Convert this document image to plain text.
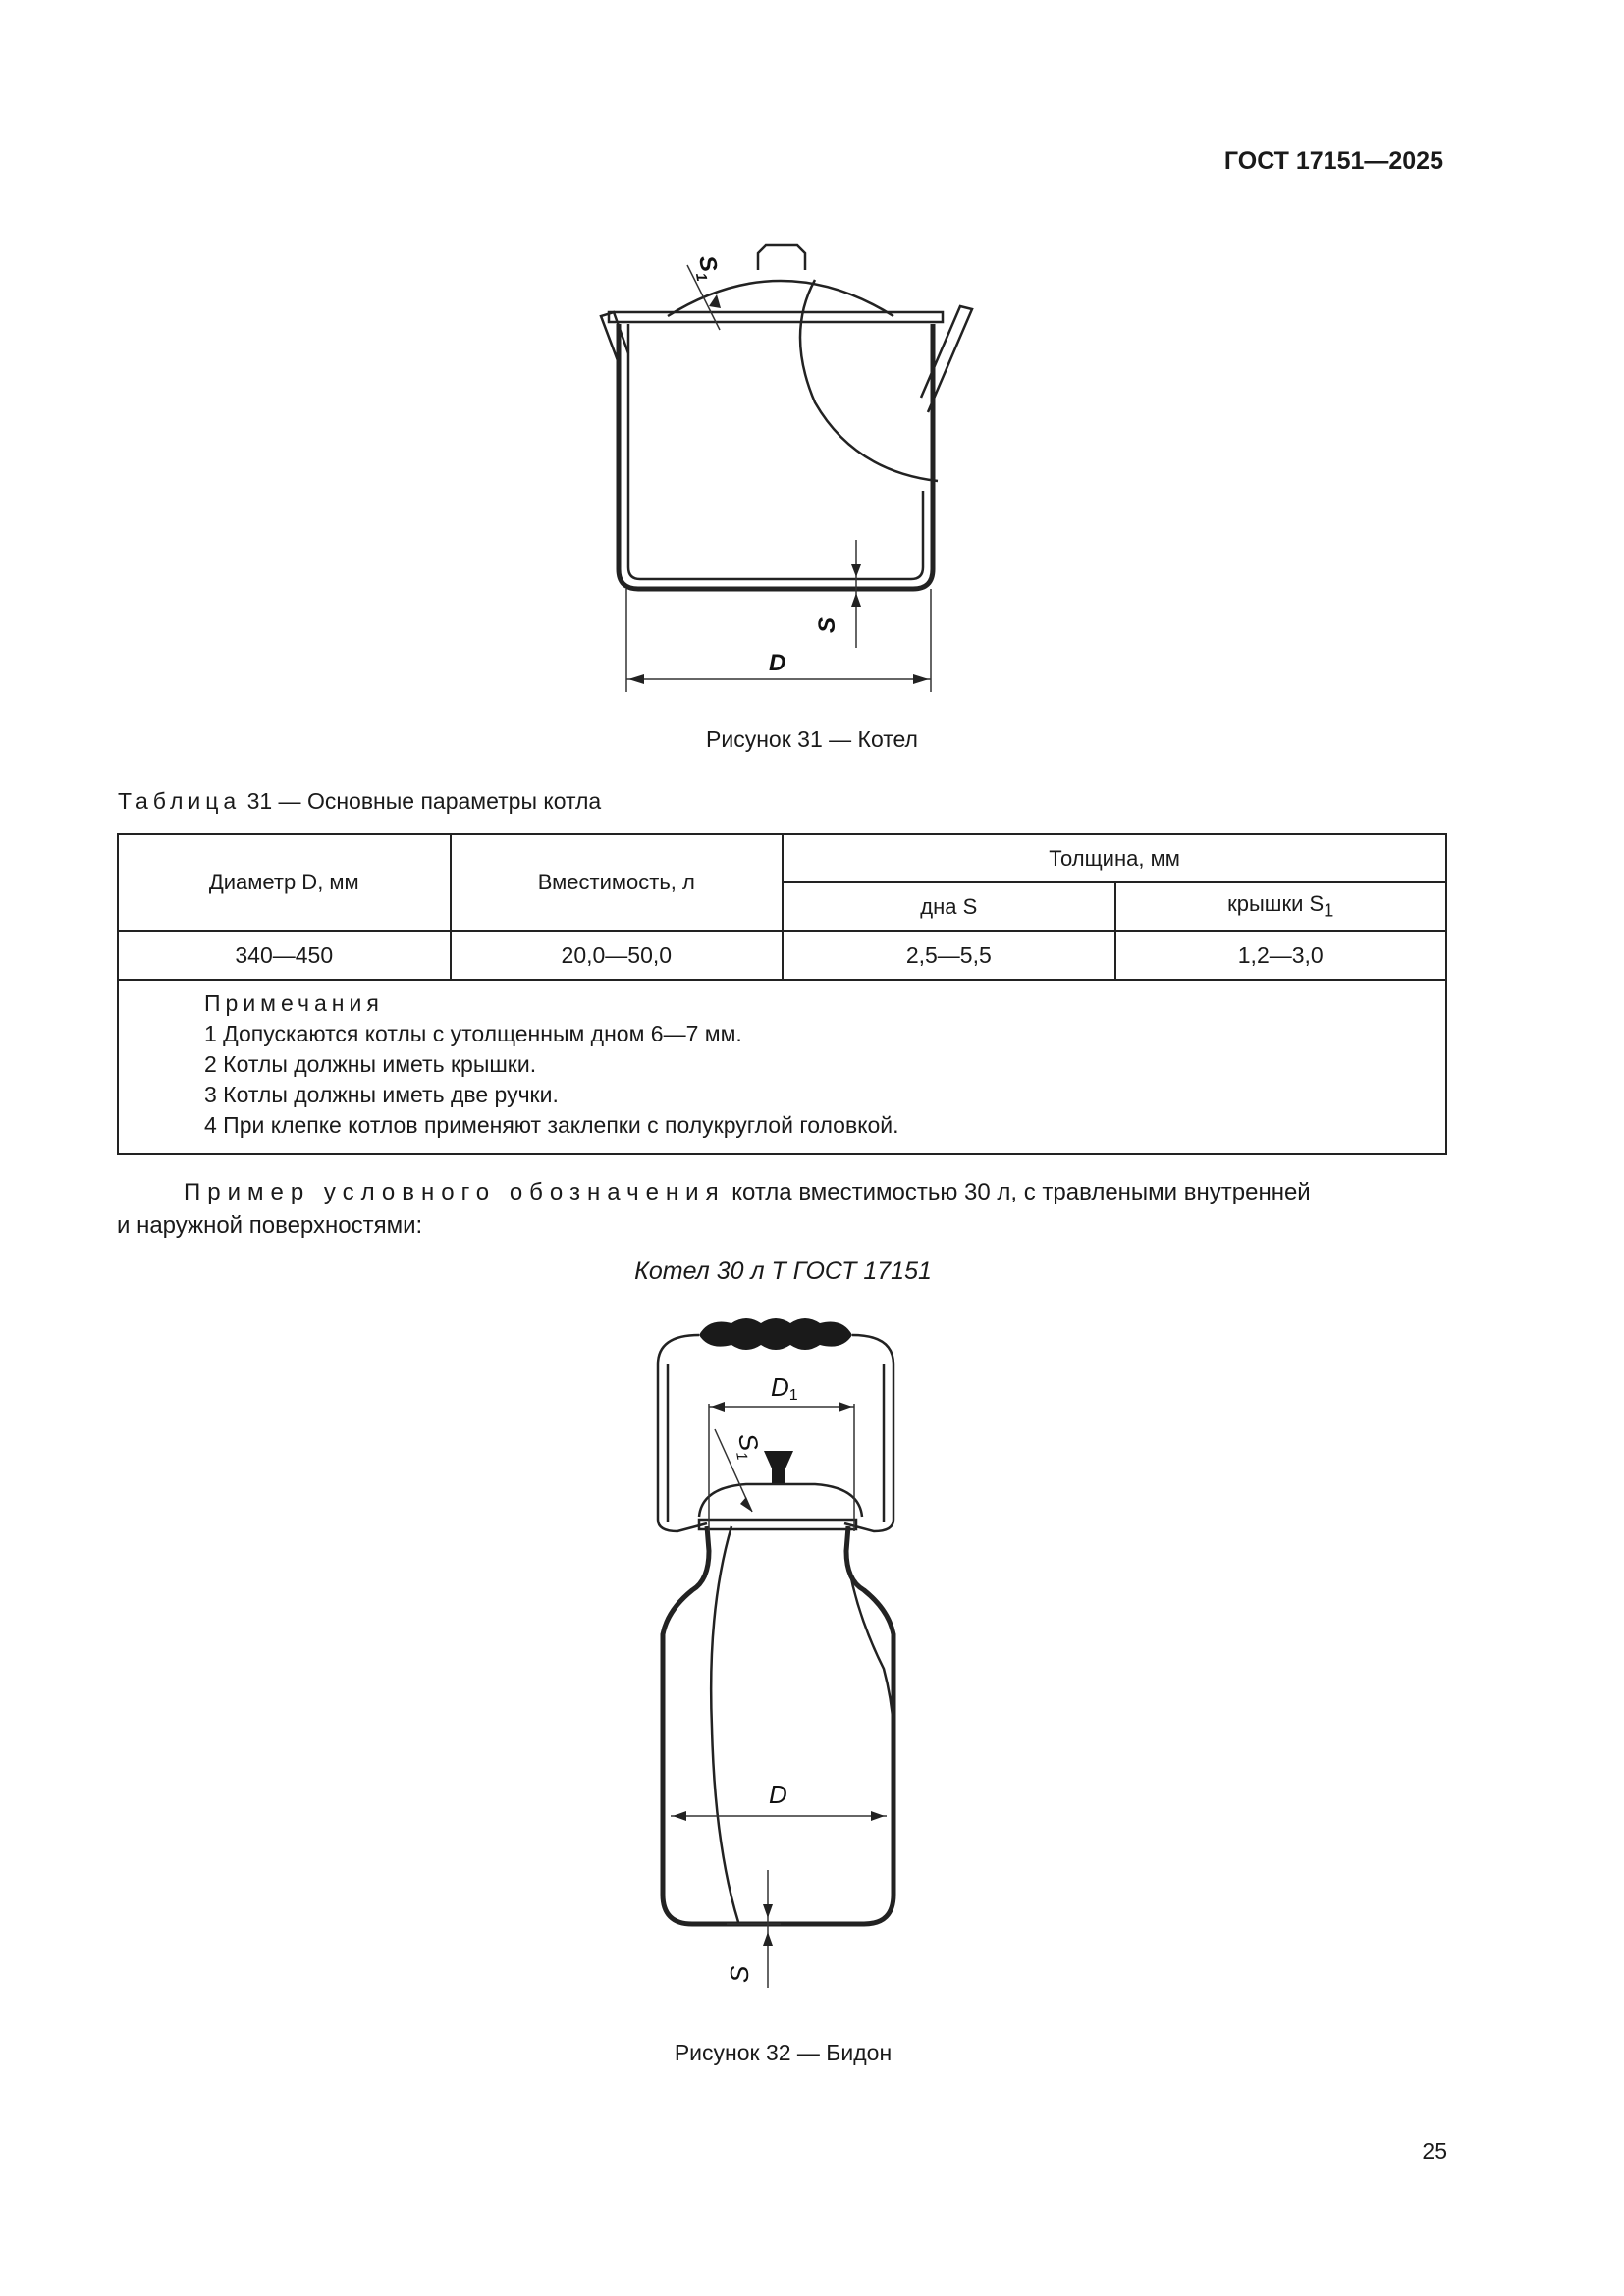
ГОСТ 17151—2025
$S_1$
S
D
Рисунок 31 — Котел
Таблица 31 — Основные параметры котла
Диаметр D, мм	Вместимость, л	Толщина, мм	
		дна S	крышки $S_1$
340—450	20,0—50,0	2,5—5,5	1,2—3,0

Примечания
1 Допускаются котлы с утолщенным дном 6—7 мм.
2 Котлы должны иметь крышки.
3 Котлы должны иметь две ручки.
4 При клепке котлов применяют заклепки с полукруглой головкой.			
Пример условного обозначения котла вместимостью 30 л, с травлеными внутренней
и наружной поверхностями:
Котел 30 л Т ГОСТ 17151
D1
S1
D
S
Рисунок 32 — Бидон
25
